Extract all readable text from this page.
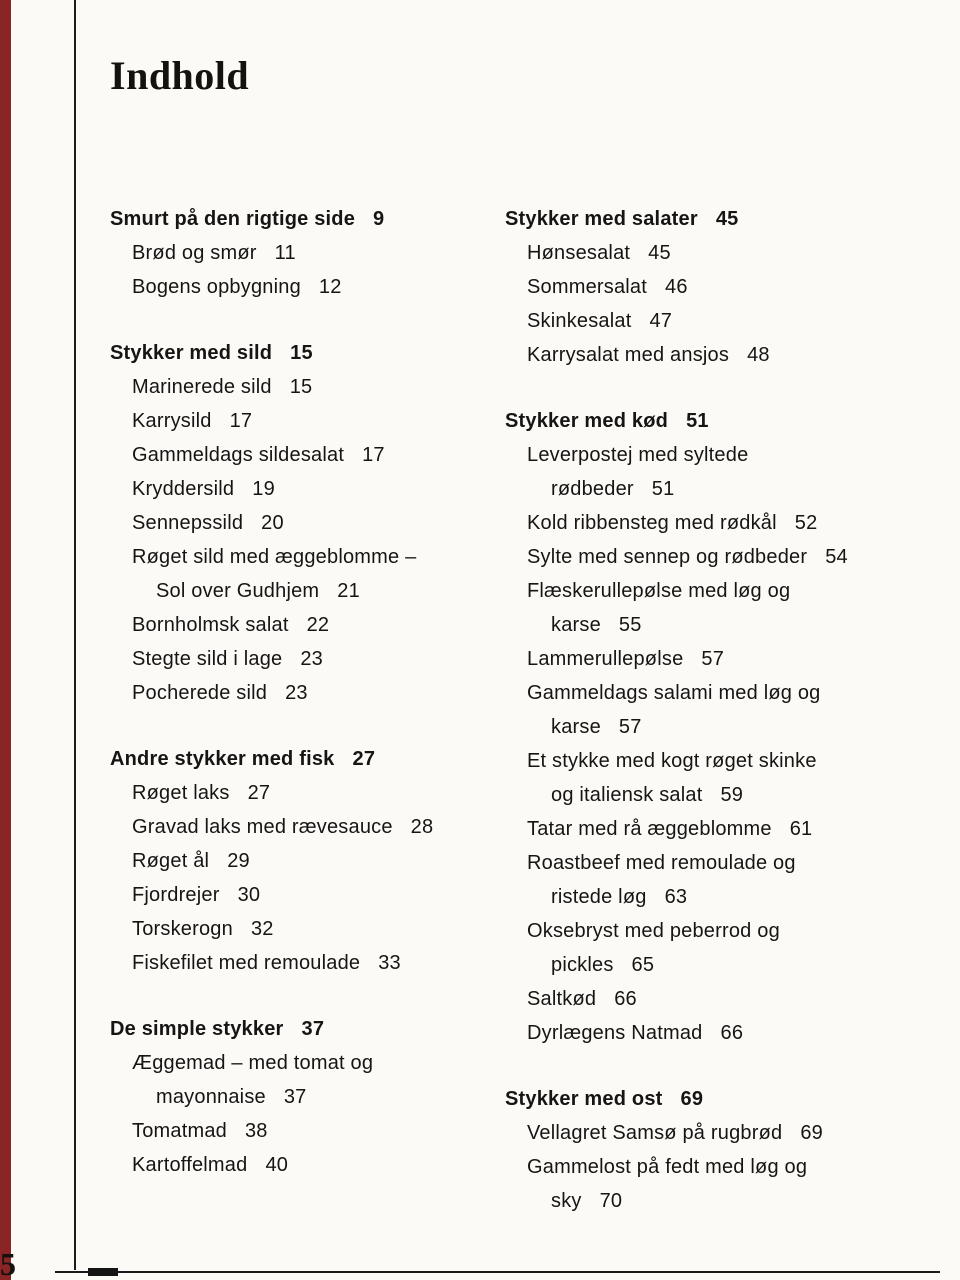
Indhold
Smurt på den rigtige side 9
Brød og smør 11
Bogens opbygning 12
Stykker med sild 15
Marinerede sild 15
Karrysild 17
Gammeldags sildesalat 17
Kryddersild 19
Sennepssild 20
Røget sild med æggeblomme –
Sol over Gudhjem 21
Bornholmsk salat 22
Stegte sild i lage 23
Pocherede sild 23
Andre stykker med fisk 27
Røget laks 27
Gravad laks med rævesauce 28
Røget ål 29
Fjordrejer 30
Torskerogn 32
Fiskefilet med remoulade 33
De simple stykker 37
Æggemad – med tomat og
mayonnaise 37
Tomatmad 38
Kartoffelmad 40
Stykker med salater 45
Hønsesalat 45
Sommersalat 46
Skinkesalat 47
Karrysalat med ansjos 48
Stykker med kød 51
Leverpostej med syltede
rødbeder 51
Kold ribbensteg med rødkål 52
Sylte med sennep og rødbeder 54
Flæskerullepølse med løg og
karse 55
Lammerullepølse 57
Gammeldags salami med løg og
karse 57
Et stykke med kogt røget skinke
og italiensk salat 59
Tatar med rå æggeblomme 61
Roastbeef med remoulade og
ristede løg 63
Oksebryst med peberrod og
pickles 65
Saltkød 66
Dyrlægens Natmad 66
Stykker med ost 69
Vellagret Samsø på rugbrød 69
Gammelost på fedt med løg og
sky 70
5
